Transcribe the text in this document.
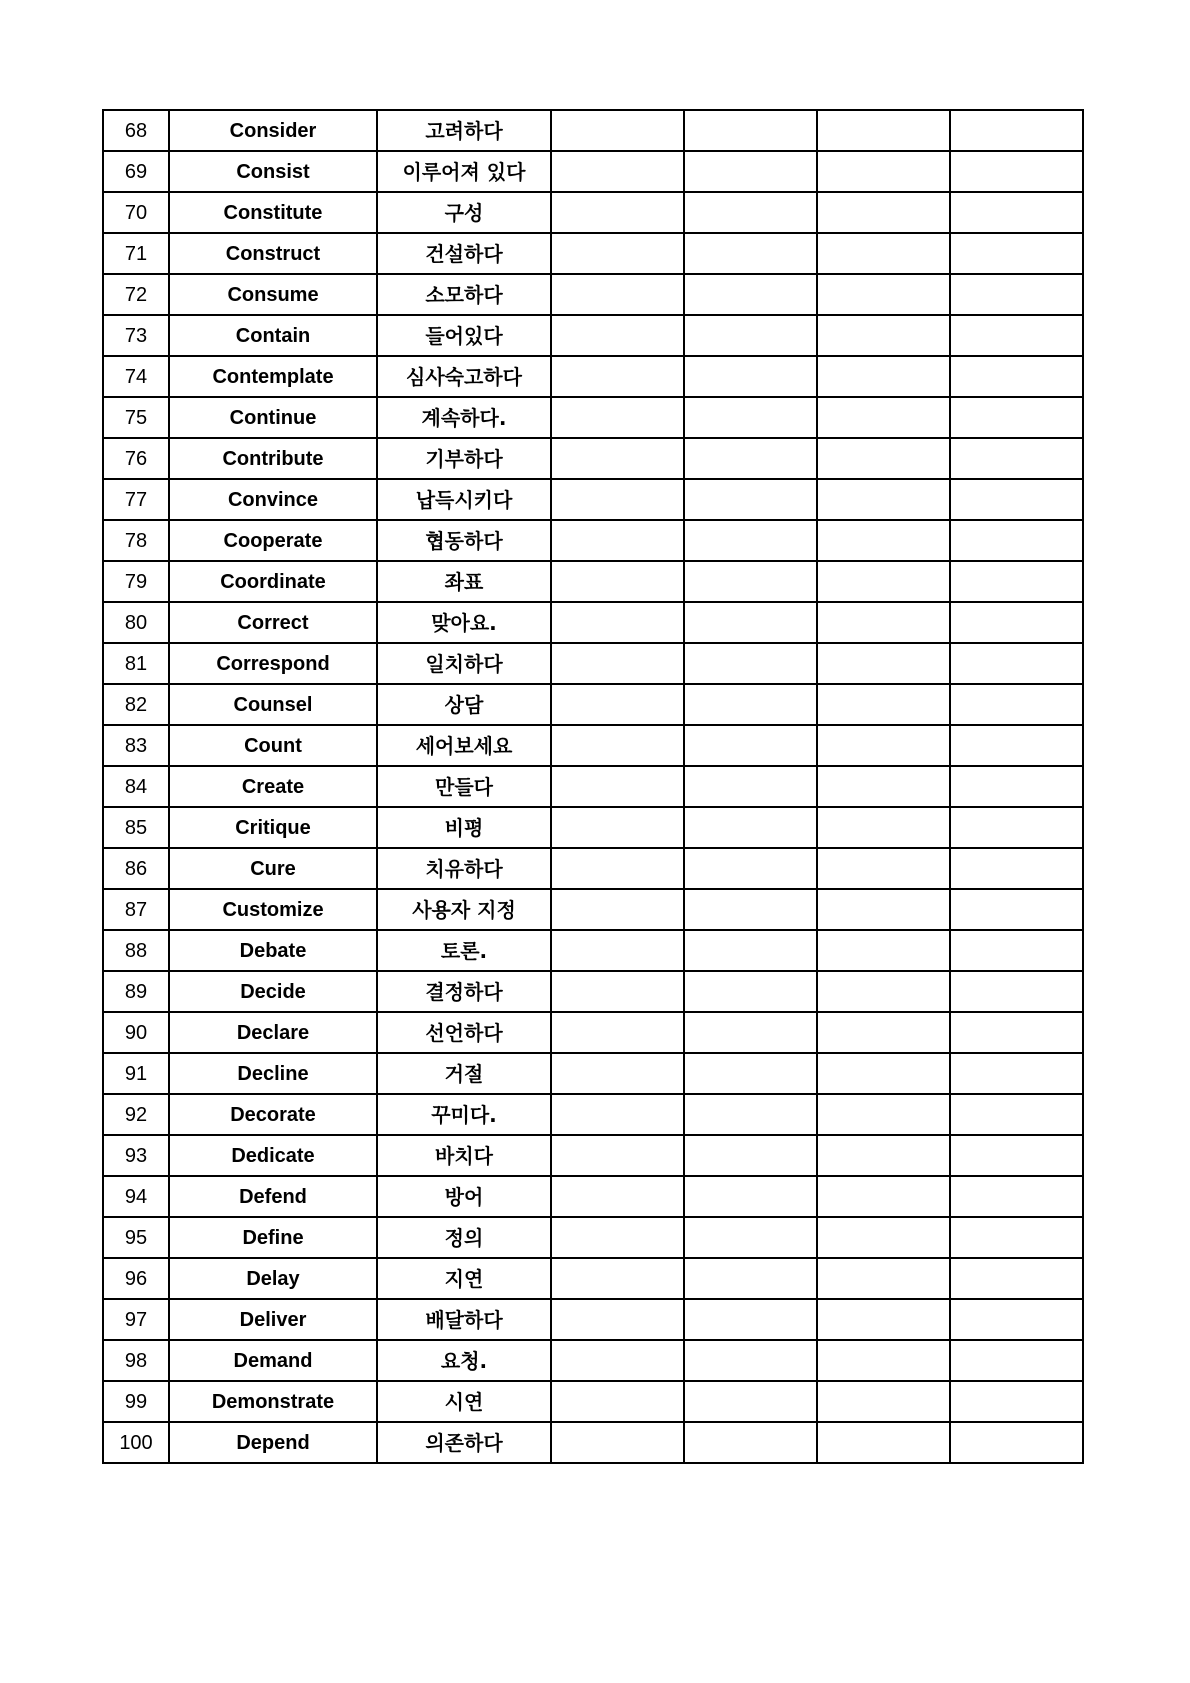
68	Consider	고려하다				
69	Consist	이루어져 있다				
70	Constitute	구성				
71	Construct	건설하다				
72	Consume	소모하다				
73	Contain	들어있다				
74	Contemplate	심사숙고하다				
75	Continue	계속하다.				
76	Contribute	기부하다				
77	Convince	납득시키다				
78	Cooperate	협동하다				
79	Coordinate	좌표				
80	Correct	맞아요.				
81	Correspond	일치하다				
82	Counsel	상담				
83	Count	세어보세요				
84	Create	만들다				
85	Critique	비평				
86	Cure	치유하다				
87	Customize	사용자 지정				
88	Debate	토론.				
89	Decide	결정하다				
90	Declare	선언하다				
91	Decline	거절				
92	Decorate	꾸미다.				
93	Dedicate	바치다				
94	Defend	방어				
95	Define	정의				
96	Delay	지연				
97	Deliver	배달하다				
98	Demand	요청.				
99	Demonstrate	시연				
100	Depend	의존하다				
